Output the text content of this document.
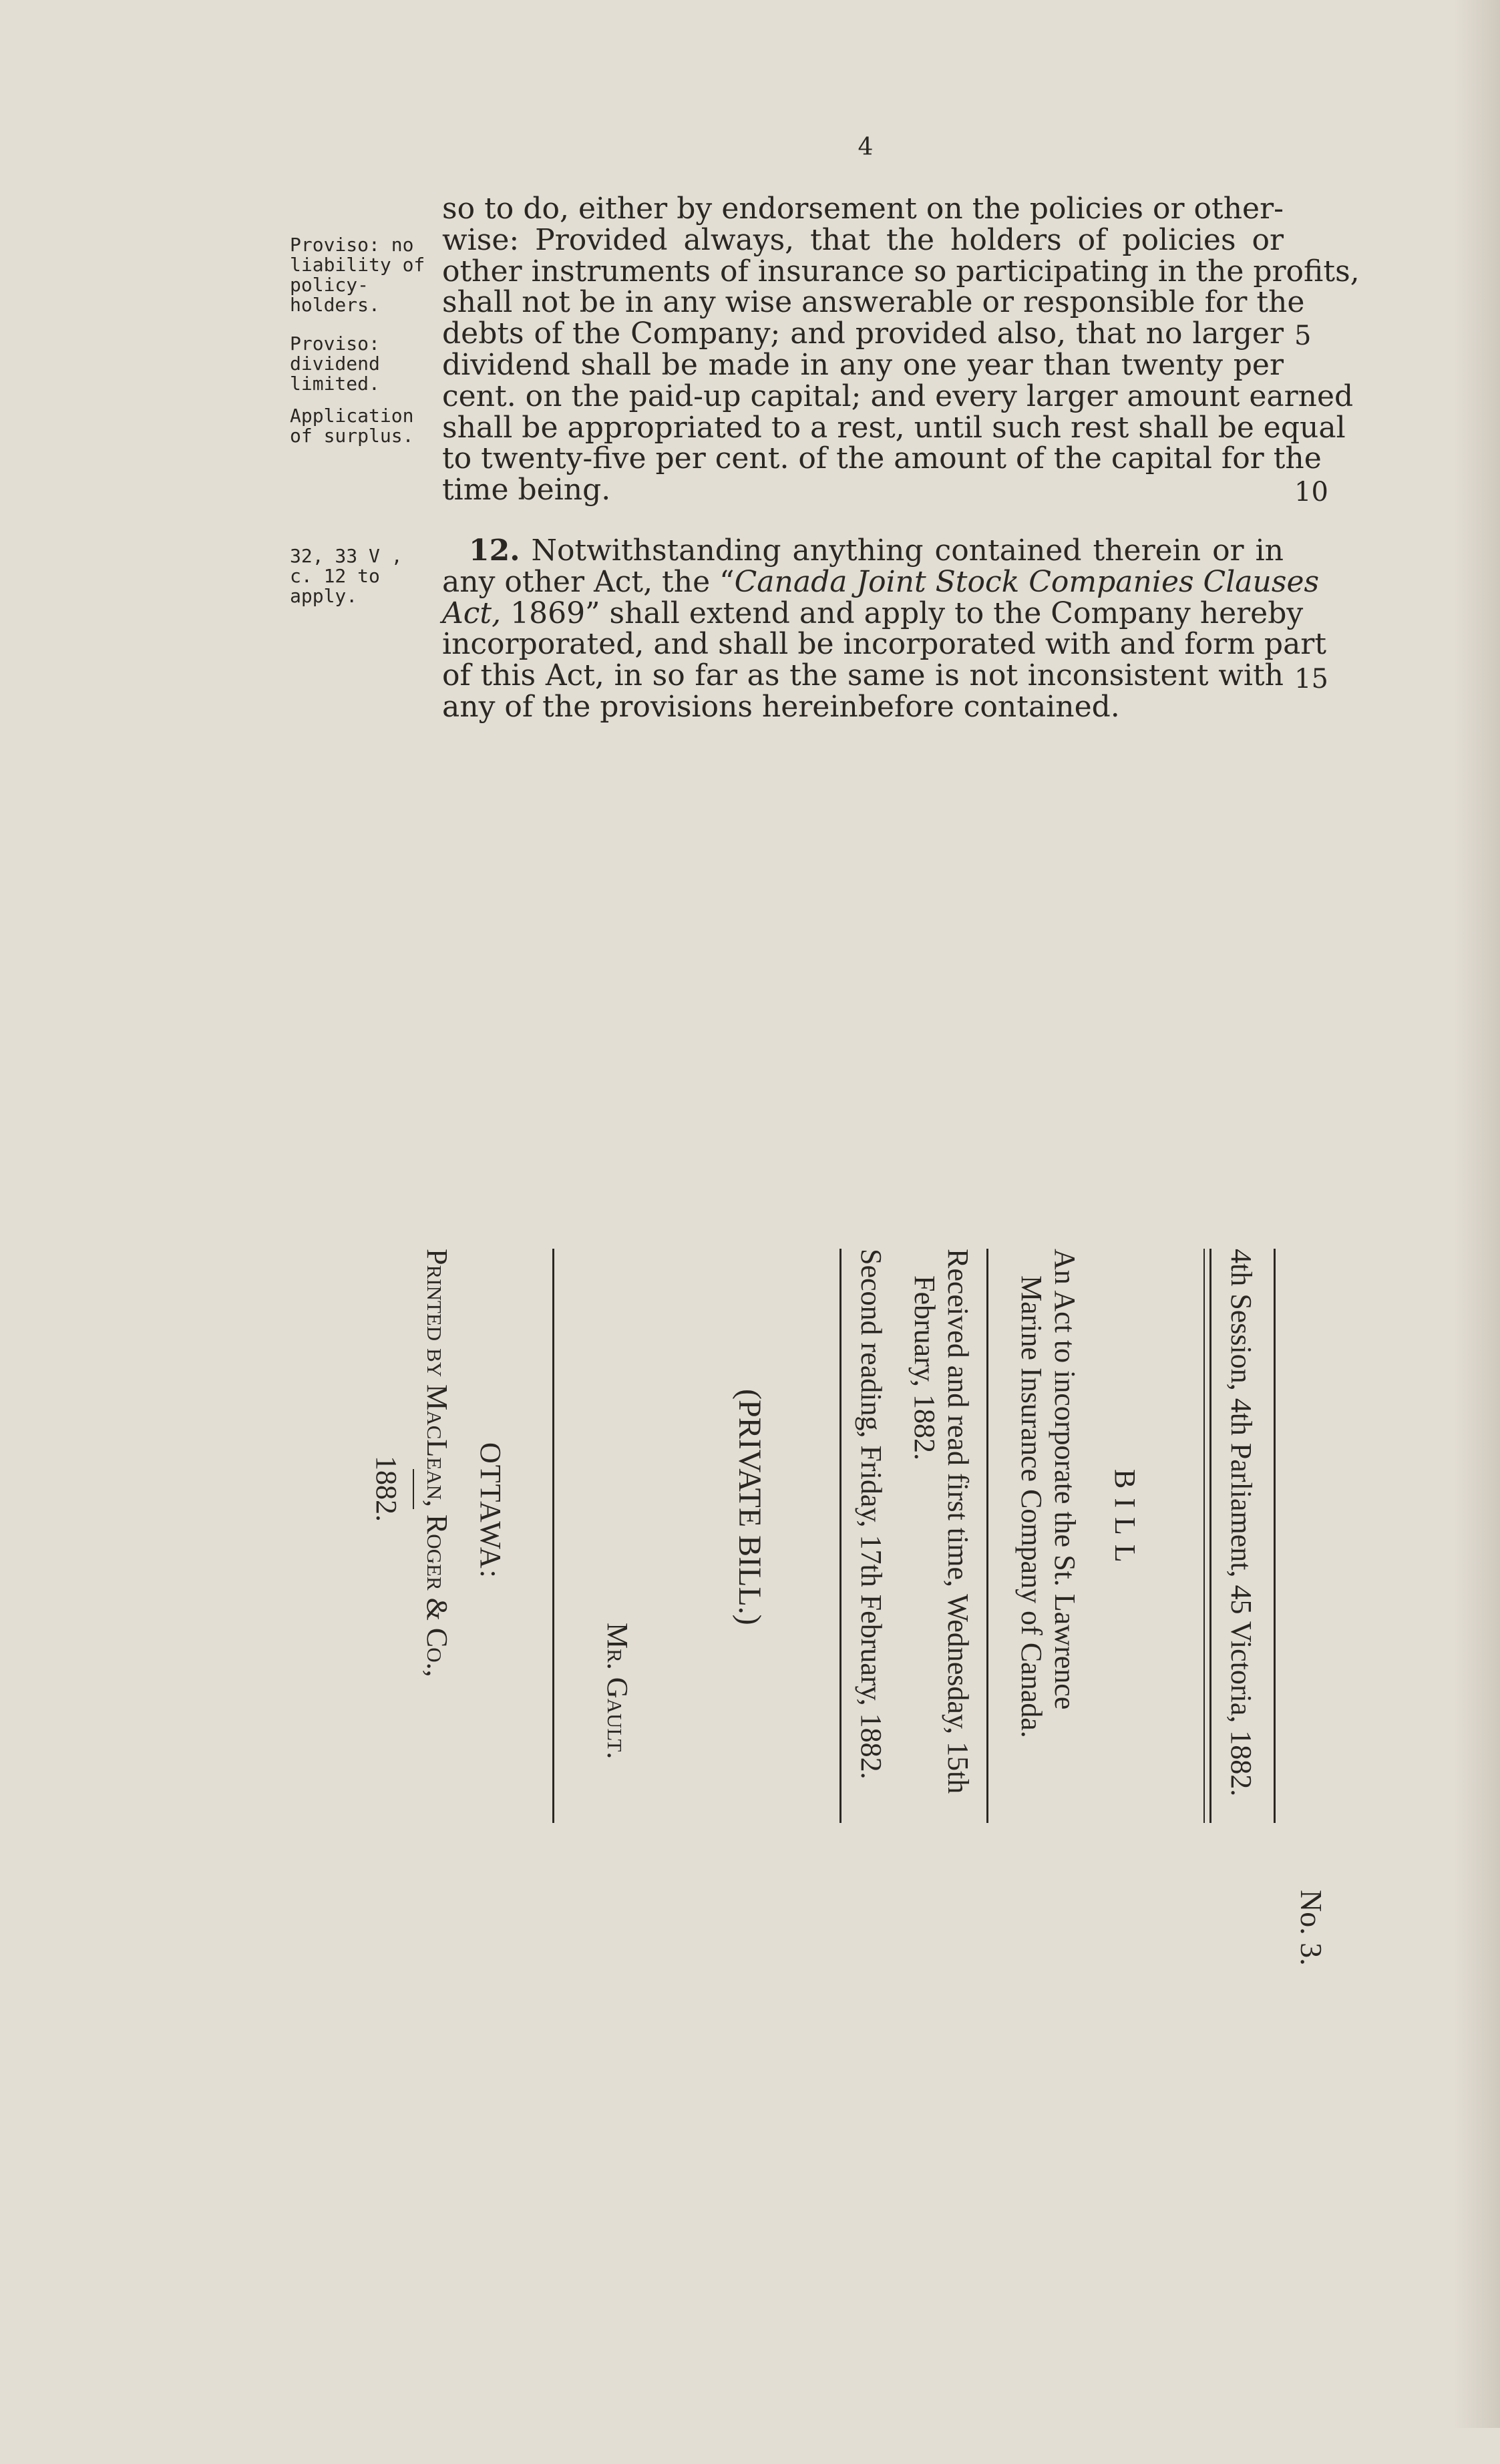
4
Proviso: no liability of policy-holders.
Proviso: dividend limited.
Application of surplus.
32, 33 V , c. 12 to apply.
so to do, either by endorsement on the policies or other-
wise: Provided always, that the holders of policies or
other instruments of insurance so participating in the profits,
shall not be in any wise answerable or responsible for the
debts of the Company; and provided also, that no larger
dividend shall be made in any one year than twenty per
cent. on the paid-up capital; and every larger amount earned
shall be appropriated to a rest, until such rest shall be equal
to twenty-five per cent. of the amount of the capital for the
time being.
12. Notwithstanding anything contained therein or in
any other Act, the “Canada Joint Stock Companies Clauses
Act, 1869” shall extend and apply to the Company hereby
incorporated, and shall be incorporated with and form part
of this Act, in so far as the same is not inconsistent with
any of the provisions hereinbefore contained.
5
10
15
No. 3.
4th Session, 4th Parliament, 45 Victoria, 1882.
BILL
An Act to incorporate the St. Lawrence
Marine Insurance Company of Canada.
Received and read first time, Wednesday, 15th
February, 1882.
Second reading, Friday, 17th February, 1882.
(PRIVATE BILL.)
Mr. Gault.
OTTAWA:
Printed by MacLean, Roger & Co.,
1882.
